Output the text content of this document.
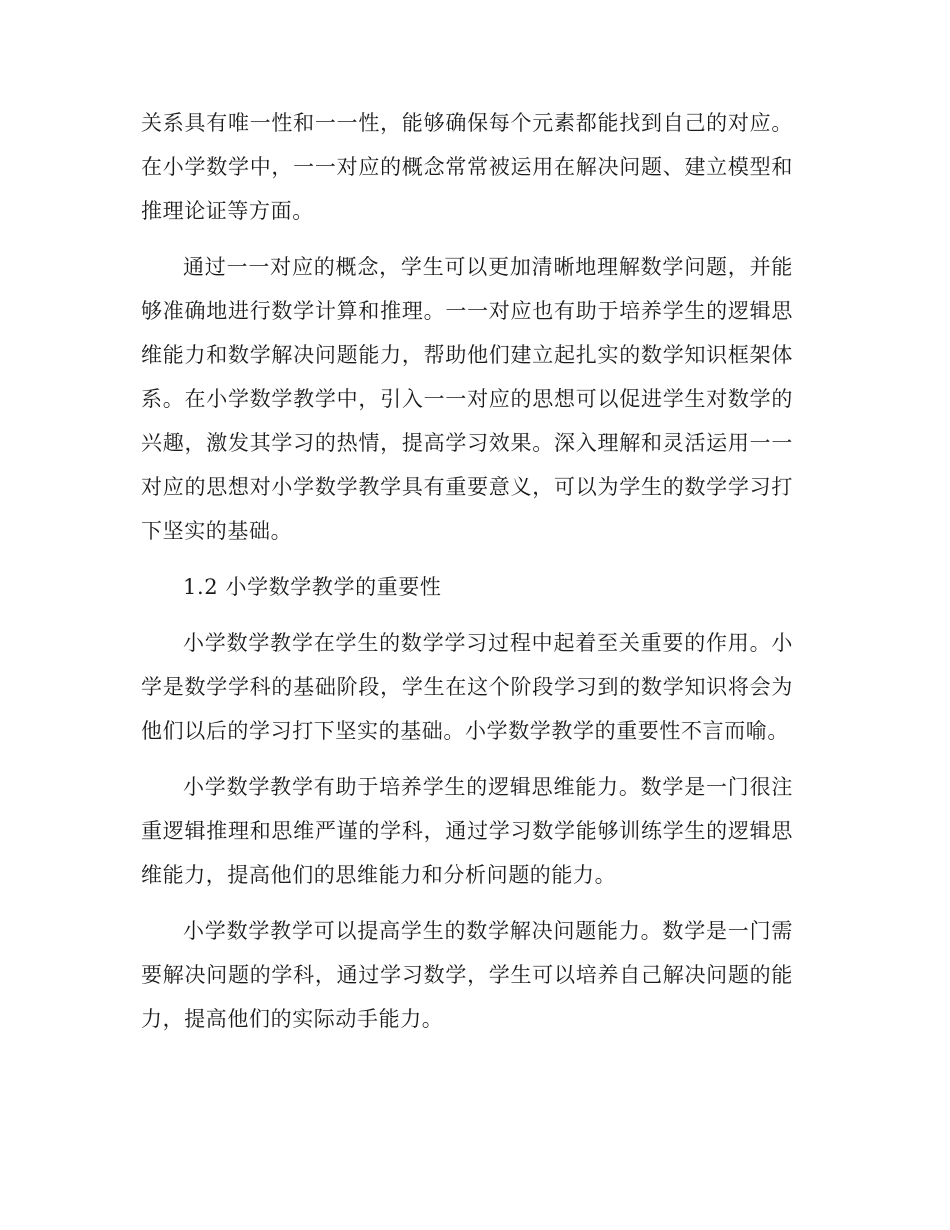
关系具有唯一性和一一性，能够确保每个元素都能找到自己的对应。
在小学数学中，一一对应的概念常常被运用在解决问题、建立模型和
推理论证等方面。
通过一一对应的概念，学生可以更加清晰地理解数学问题，并能
够准确地进行数学计算和推理。一一对应也有助于培养学生的逻辑思
维能力和数学解决问题能力，帮助他们建立起扎实的数学知识框架体
系。在小学数学教学中，引入一一对应的思想可以促进学生对数学的
兴趣，激发其学习的热情，提高学习效果。深入理解和灵活运用一一
对应的思想对小学数学教学具有重要意义，可以为学生的数学学习打
下坚实的基础。
1.2 小学数学教学的重要性
小学数学教学在学生的数学学习过程中起着至关重要的作用。小
学是数学学科的基础阶段，学生在这个阶段学习到的数学知识将会为
他们以后的学习打下坚实的基础。小学数学教学的重要性不言而喻。
小学数学教学有助于培养学生的逻辑思维能力。数学是一门很注
重逻辑推理和思维严谨的学科，通过学习数学能够训练学生的逻辑思
维能力，提高他们的思维能力和分析问题的能力。
小学数学教学可以提高学生的数学解决问题能力。数学是一门需
要解决问题的学科，通过学习数学，学生可以培养自己解决问题的能
力，提高他们的实际动手能力。
